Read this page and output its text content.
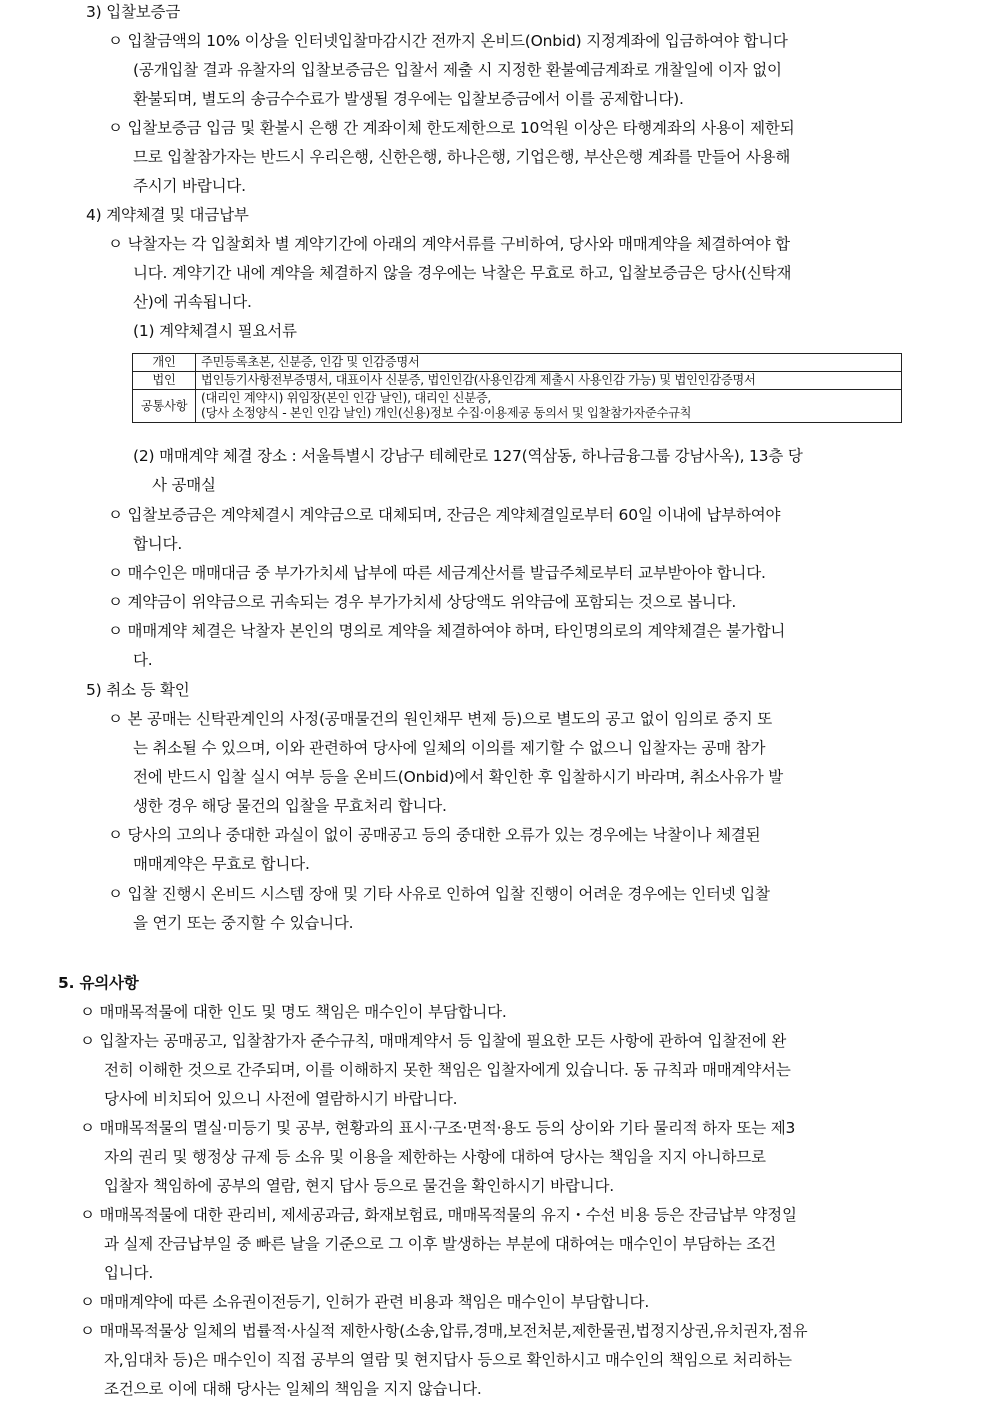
3) 입찰보증금
ㅇ 입찰금액의 10% 이상을 인터넷입찰마감시간 전까지 온비드(Onbid) 지정계좌에 입금하여야 합니다
(공개입찰 결과 유찰자의 입찰보증금은 입찰서 제출 시 지정한 환불예금계좌로 개찰일에 이자 없이
환불되며, 별도의 송금수수료가 발생될 경우에는 입찰보증금에서 이를 공제합니다).
ㅇ 입찰보증금 입금 및 환불시 은행 간 계좌이체 한도제한으로 10억원 이상은 타행계좌의 사용이 제한되
므로 입찰참가자는 반드시 우리은행, 신한은행, 하나은행, 기업은행, 부산은행 계좌를 만들어 사용해
주시기 바랍니다.
4) 계약체결 및 대금납부
ㅇ 낙찰자는 각 입찰회차 별 계약기간에 아래의 계약서류를 구비하여, 당사와 매매계약을 체결하여야 합
니다. 계약기간 내에 계약을 체결하지 않을 경우에는 낙찰은 무효로 하고, 입찰보증금은 당사(신탁재
산)에 귀속됩니다.
(1) 계약체결시 필요서류
개인	주민등록초본, 신분증, 인감 및 인감증명서
법인	법인등기사항전부증명서, 대표이사 신분증, 법인인감(사용인감계 제출시 사용인감 가능) 및 법인인감증명서
공통사항	(대리인 계약시) 위임장(본인 인감 날인), 대리인 신분증,
(당사 소정양식 - 본인 인감 날인) 개인(신용)정보 수집·이용제공 동의서 및 입찰참가자준수규칙
(2) 매매계약 체결 장소 : 서울특별시 강남구 테헤란로 127(역삼동, 하나금융그룹 강남사옥), 13층 당
사 공매실
ㅇ 입찰보증금은 계약체결시 계약금으로 대체되며, 잔금은 계약체결일로부터 60일 이내에 납부하여야
합니다.
ㅇ 매수인은 매매대금 중 부가가치세 납부에 따른 세금계산서를 발급주체로부터 교부받아야 합니다.
ㅇ 계약금이 위약금으로 귀속되는 경우 부가가치세 상당액도 위약금에 포함되는 것으로 봅니다.
ㅇ 매매계약 체결은 낙찰자 본인의 명의로 계약을 체결하여야 하며, 타인명의로의 계약체결은 불가합니
다.
5) 취소 등 확인
ㅇ 본 공매는 신탁관계인의 사정(공매물건의 원인채무 변제 등)으로 별도의 공고 없이 임의로 중지 또
는 취소될 수 있으며, 이와 관련하여 당사에 일체의 이의를 제기할 수 없으니 입찰자는 공매 참가
전에 반드시 입찰 실시 여부 등을 온비드(Onbid)에서 확인한 후 입찰하시기 바라며, 취소사유가 발
생한 경우 해당 물건의 입찰을 무효처리 합니다.
ㅇ 당사의 고의나 중대한 과실이 없이 공매공고 등의 중대한 오류가 있는 경우에는 낙찰이나 체결된
매매계약은 무효로 합니다.
ㅇ 입찰 진행시 온비드 시스템 장애 및 기타 사유로 인하여 입찰 진행이 어려운 경우에는 인터넷 입찰
을 연기 또는 중지할 수 있습니다.
5. 유의사항
ㅇ 매매목적물에 대한 인도 및 명도 책임은 매수인이 부담합니다.
ㅇ 입찰자는 공매공고, 입찰참가자 준수규칙, 매매계약서 등 입찰에 필요한 모든 사항에 관하여 입찰전에 완
전히 이해한 것으로 간주되며, 이를 이해하지 못한 책임은 입찰자에게 있습니다. 동 규칙과 매매계약서는
당사에 비치되어 있으니 사전에 열람하시기 바랍니다.
ㅇ 매매목적물의 멸실·미등기 및 공부, 현황과의 표시·구조·면적·용도 등의 상이와 기타 물리적 하자 또는 제3
자의 권리 및 행정상 규제 등 소유 및 이용을 제한하는 사항에 대하여 당사는 책임을 지지 아니하므로
입찰자 책임하에 공부의 열람, 현지 답사 등으로 물건을 확인하시기 바랍니다.
ㅇ 매매목적물에 대한 관리비, 제세공과금, 화재보험료, 매매목적물의 유지・수선 비용 등은 잔금납부 약정일
과 실제 잔금납부일 중 빠른 날을 기준으로 그 이후 발생하는 부분에 대하여는 매수인이 부담하는 조건
입니다.
ㅇ 매매계약에 따른 소유권이전등기, 인허가 관련 비용과 책임은 매수인이 부담합니다.
ㅇ 매매목적물상 일체의 법률적·사실적 제한사항(소송,압류,경매,보전처분,제한물권,법정지상권,유치권자,점유
자,임대차 등)은 매수인이 직접 공부의 열람 및 현지답사 등으로 확인하시고 매수인의 책임으로 처리하는
조건으로 이에 대해 당사는 일체의 책임을 지지 않습니다.
